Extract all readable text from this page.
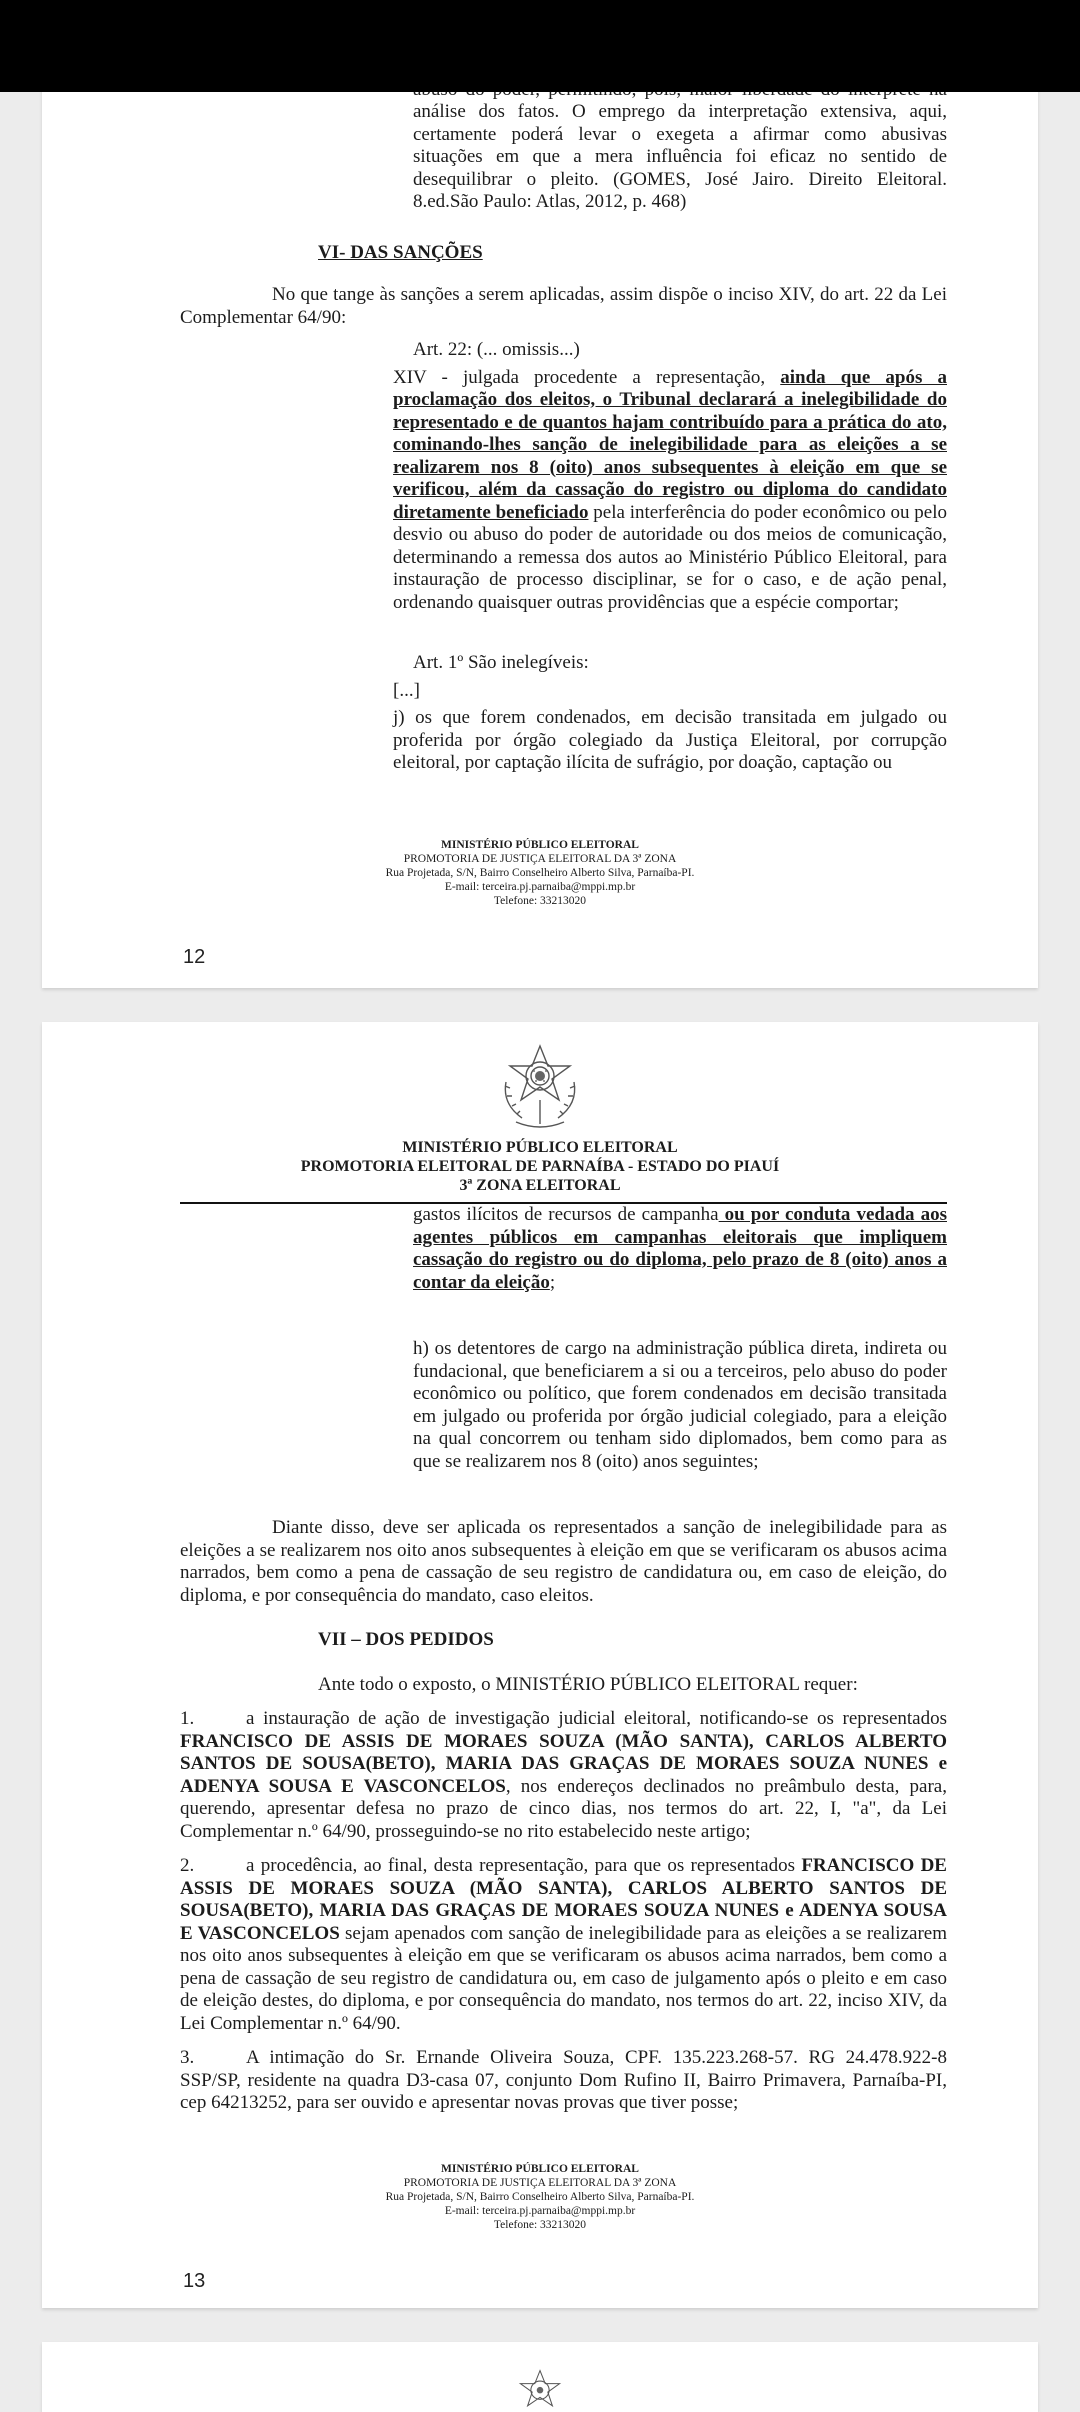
análise dos fatos. O emprego da interpretação extensiva, aqui,
certamente poderá levar o exegeta a afirmar como abusivas
situações em que a mera influência foi eficaz no sentido de
desequilibrar o pleito. (GOMES, José Jairo. Direito Eleitoral.
8.ed.São Paulo: Atlas, 2012, p. 468)

VI- DAS SANÇÕES

No que tange às sanções a serem aplicadas, assim dispõe o inciso XIV, do art. 22 da Lei Complementar 64/90:

Art. 22: (... omissis...)

XIV - julgada procedente a representação, ainda que após a proclamação dos eleitos, o Tribunal declarará a inelegibilidade do representado e de quantos hajam contribuído para a prática do ato, cominando-lhes sanção de inelegibilidade para as eleições a se realizarem nos 8 (oito) anos subsequentes à eleição em que se verificou, além da cassação do registro ou diploma do candidato diretamente beneficiado pela interferência do poder econômico ou pelo desvio ou abuso do poder de autoridade ou dos meios de comunicação, determinando a remessa dos autos ao Ministério Público Eleitoral, para instauração de processo disciplinar, se for o caso, e de ação penal, ordenando quaisquer outras providências que a espécie comportar;

Art. 1º São inelegíveis:

[...]

j) os que forem condenados, em decisão transitada em julgado ou proferida por órgão colegiado da Justiça Eleitoral, por corrupção eleitoral, por captação ilícita de sufrágio, por doação, captação ou

MINISTÉRIO PÚBLICO ELEITORAL
PROMOTORIA DE JUSTIÇA ELEITORAL DA 3ª ZONA
Rua Projetada, S/N, Bairro Conselheiro Alberto Silva, Parnaíba-PI.
E-mail: terceira.pj.parnaiba@mppi.mp.br
Telefone: 33213020
12
MINISTÉRIO PÚBLICO ELEITORAL
PROMOTORIA ELEITORAL DE PARNAÍBA - ESTADO DO PIAUÍ
3ª ZONA ELEITORAL

gastos ilícitos de recursos de campanha ou por conduta vedada aos agentes públicos em campanhas eleitorais que impliquem cassação do registro ou do diploma, pelo prazo de 8 (oito) anos a contar da eleição;

h) os detentores de cargo na administração pública direta, indireta ou fundacional, que beneficiarem a si ou a terceiros, pelo abuso do poder econômico ou político, que forem condenados em decisão transitada em julgado ou proferida por órgão judicial colegiado, para a eleição na qual concorrem ou tenham sido diplomados, bem como para as que se realizarem nos 8 (oito) anos seguintes;

Diante disso, deve ser aplicada os representados a sanção de inelegibilidade para as eleições a se realizarem nos oito anos subsequentes à eleição em que se verificaram os abusos acima narrados, bem como a pena de cassação de seu registro de candidatura ou, em caso de eleição, do diploma, e por consequência do mandato, caso eleitos.

VII – DOS PEDIDOS

Ante todo o exposto, o MINISTÉRIO PÚBLICO ELEITORAL requer:

1.	a instauração de ação de investigação judicial eleitoral, notificando-se os representados FRANCISCO DE ASSIS DE MORAES SOUZA (MÃO SANTA), CARLOS ALBERTO SANTOS DE SOUSA(BETO), MARIA DAS GRAÇAS DE MORAES SOUZA NUNES e ADENYA SOUSA E VASCONCELOS, nos endereços declinados no preâmbulo desta, para, querendo, apresentar defesa no prazo de cinco dias, nos termos do art. 22, I, "a", da Lei Complementar n.º 64/90, prosseguindo-se no rito estabelecido neste artigo;

2.	a procedência, ao final, desta representação, para que os representados FRANCISCO DE ASSIS DE MORAES SOUZA (MÃO SANTA), CARLOS ALBERTO SANTOS DE SOUSA(BETO), MARIA DAS GRAÇAS DE MORAES SOUZA NUNES e ADENYA SOUSA E VASCONCELOS sejam apenados com sanção de inelegibilidade para as eleições a se realizarem nos oito anos subsequentes à eleição em que se verificaram os abusos acima narrados, bem como a pena de cassação de seu registro de candidatura ou, em caso de julgamento após o pleito e em caso de eleição destes, do diploma, e por consequência do mandato, nos termos do art. 22, inciso XIV, da Lei Complementar n.º 64/90.

3.	A intimação do Sr. Ernande Oliveira Souza, CPF. 135.223.268-57. RG 24.478.922-8 SSP/SP, residente na quadra D3-casa 07, conjunto Dom Rufino II, Bairro Primavera, Parnaíba-PI, cep 64213252, para ser ouvido e apresentar novas provas que tiver posse;

MINISTÉRIO PÚBLICO ELEITORAL
PROMOTORIA DE JUSTIÇA ELEITORAL DA 3ª ZONA
Rua Projetada, S/N, Bairro Conselheiro Alberto Silva, Parnaíba-PI.
E-mail: terceira.pj.parnaiba@mppi.mp.br
Telefone: 33213020
13
